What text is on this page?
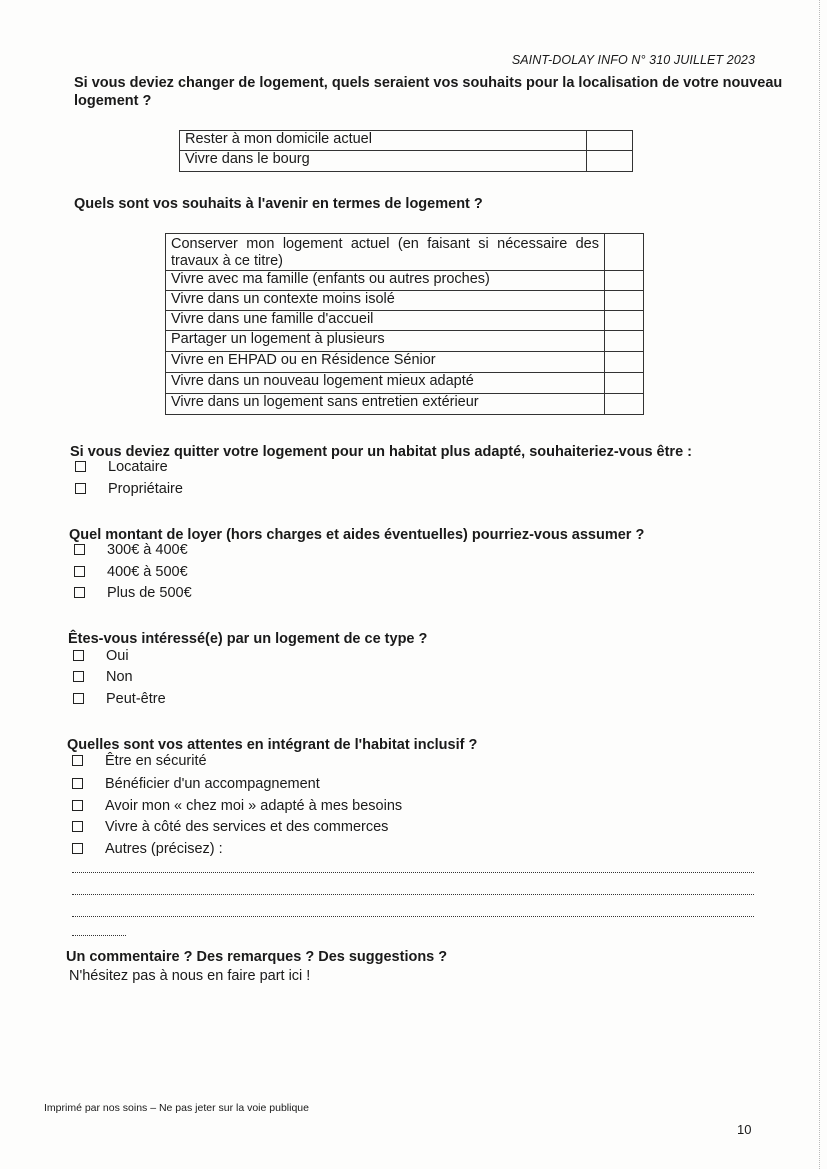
SAINT-DOLAY INFO N° 310 JUILLET 2023
Si vous deviez changer de logement, quels seraient vos souhaits pour la localisation de votre nouveau
logement ?
Rester à mon domicile actuel	
Vivre dans le bourg	
Quels sont vos souhaits à l'avenir en termes de logement ?
Conserver mon logement actuel (en faisant si nécessaire des travaux à ce titre)	
Vivre avec ma famille (enfants ou autres proches)	
Vivre dans un contexte moins isolé	
Vivre dans une famille d'accueil	
Partager un logement à plusieurs	
Vivre en EHPAD ou en Résidence Sénior	
Vivre dans un nouveau logement mieux adapté	
Vivre dans un logement sans entretien extérieur	
Si vous deviez quitter votre logement pour un habitat plus adapté, souhaiteriez-vous être :
Locataire
Propriétaire
Quel montant de loyer (hors charges et aides éventuelles) pourriez-vous assumer ?
300€ à 400€
400€ à 500€
Plus de 500€
Êtes-vous intéressé(e) par un logement de ce type ?
Oui
Non
Peut-être
Quelles sont vos attentes en intégrant de l'habitat inclusif ?
Être en sécurité
Bénéficier d'un accompagnement
Avoir mon « chez moi » adapté à mes besoins
Vivre à côté des services et des commerces
Autres (précisez) :
Un commentaire ? Des remarques ? Des suggestions ?
N'hésitez pas à nous en faire part ici !
Imprimé par nos soins – Ne pas jeter sur la voie publique
10
